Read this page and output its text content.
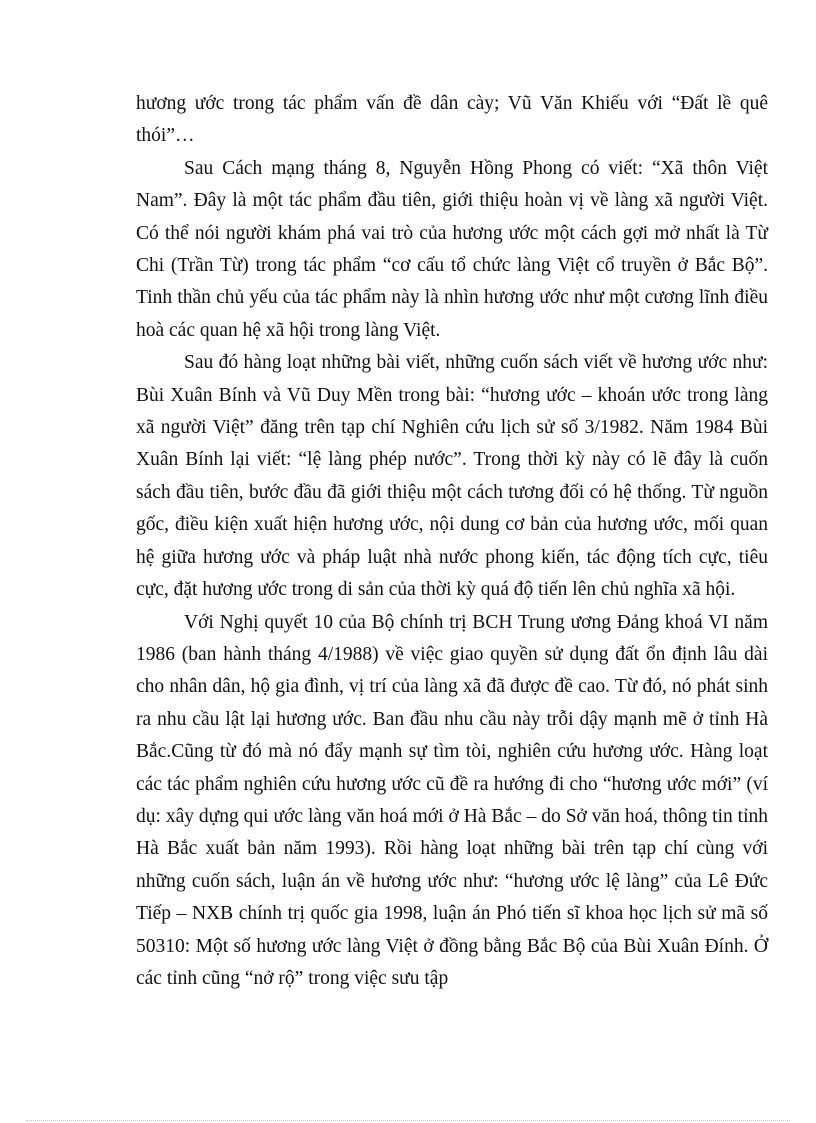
hương ước trong tác phẩm vấn đề dân cày; Vũ Văn Khiếu với “Đất lề quê thói”…

Sau Cách mạng tháng 8, Nguyễn Hồng Phong có viết: “Xã thôn Việt Nam”. Đây là một tác phẩm đầu tiên, giới thiệu hoàn vị về làng xã người Việt. Có thể nói người khám phá vai trò của hương ước một cách gợi mở nhất là Từ Chi (Trần Từ) trong tác phẩm “cơ cấu tổ chức làng Việt cổ truyền ở Bắc Bộ”. Tinh thần chủ yếu của tác phẩm này là nhìn hương ước như một cương lĩnh điều hoà các quan hệ xã hội trong làng Việt.

Sau đó hàng loạt những bài viết, những cuốn sách viết về hương ước như: Bùi Xuân Bính và Vũ Duy Mền trong bài: “hương ước – khoán ước trong làng xã người Việt” đăng trên tạp chí Nghiên cứu lịch sử số 3/1982. Năm 1984 Bùi Xuân Bính lại viết: “lệ làng phép nước”. Trong thời kỳ này có lẽ đây là cuốn sách đầu tiên, bước đầu đã giới thiệu một cách tương đối có hệ thống. Từ nguồn gốc, điều kiện xuất hiện hương ước, nội dung cơ bản của hương ước, mối quan hệ giữa hương ước và pháp luật nhà nước phong kiến, tác động tích cực, tiêu cực, đặt hương ước trong di sản của thời kỳ quá độ tiến lên chủ nghĩa xã hội.

Với Nghị quyết 10 của Bộ chính trị BCH Trung ương Đảng khoá VI năm 1986 (ban hành tháng 4/1988) về việc giao quyền sử dụng đất ổn định lâu dài cho nhân dân, hộ gia đình, vị trí của làng xã đã được đề cao. Từ đó, nó phát sinh ra nhu cầu lật lại hương ước. Ban đầu nhu cầu này trỗi dậy mạnh mẽ ở tỉnh Hà Bắc.Cũng từ đó mà nó đẩy mạnh sự tìm tòi, nghiên cứu hương ước. Hàng loạt các tác phẩm nghiên cứu hương ước cũ đề ra hướng đi cho “hương ước mới” (ví dụ: xây dựng qui ước làng văn hoá mới ở Hà Bắc – do Sở văn hoá, thông tin tỉnh Hà Bắc xuất bản năm 1993). Rồi hàng loạt những bài trên tạp chí cùng với những cuốn sách, luận án về hương ước như: “hương ước lệ làng” của Lê Đức Tiếp – NXB chính trị quốc gia 1998, luận án Phó tiến sĩ khoa học lịch sử mã số 50310: Một số hương ước làng Việt ở đồng bằng Bắc Bộ của Bùi Xuân Đính. Ở các tỉnh cũng “nở rộ” trong việc sưu tập
